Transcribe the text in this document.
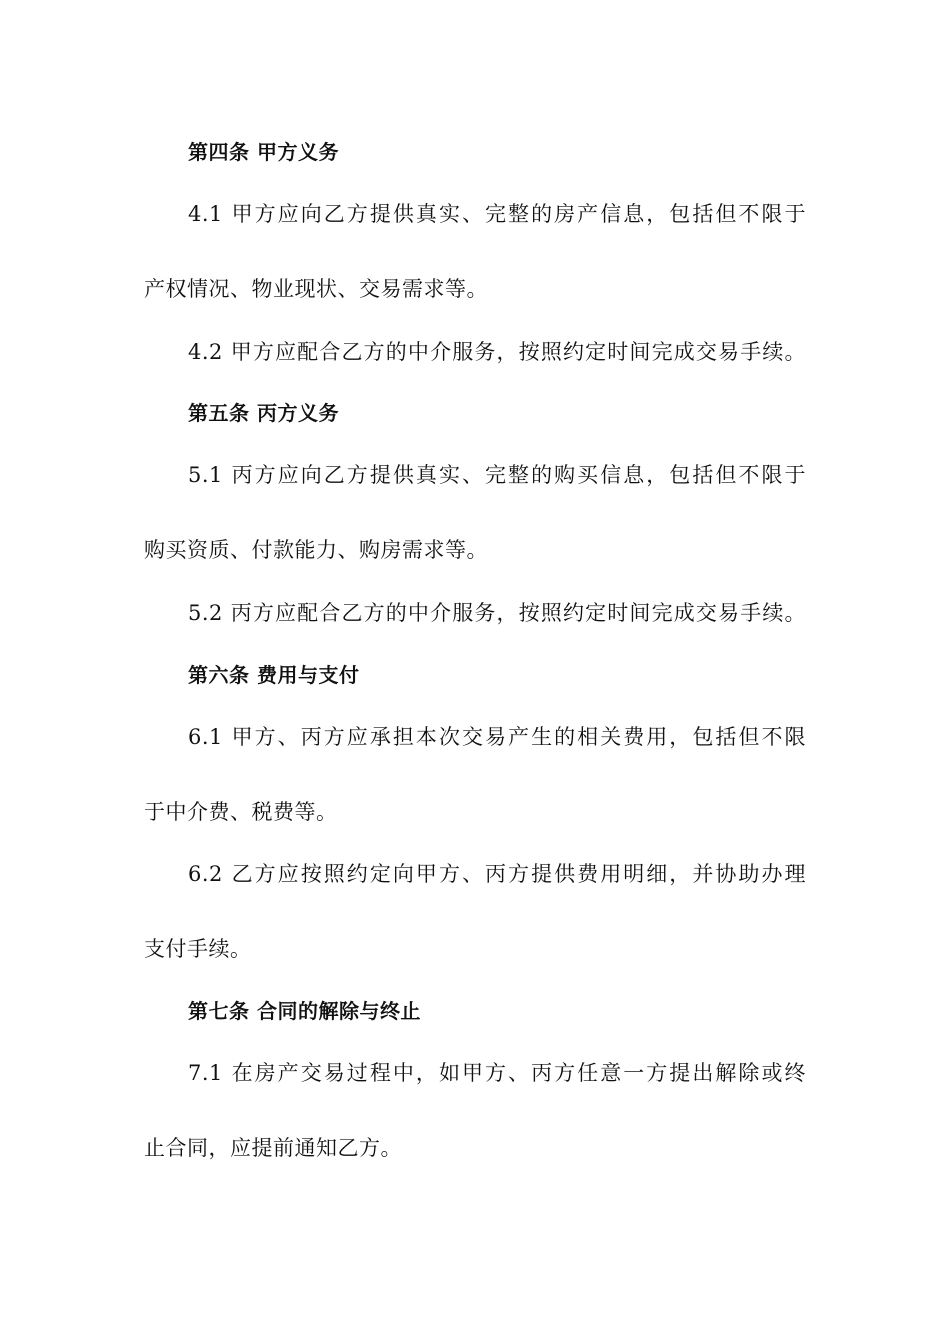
第四条 甲方义务
4.1 甲方应向乙方提供真实、完整的房产信息，包括但不限于
产权情况、物业现状、交易需求等。
4.2 甲方应配合乙方的中介服务，按照约定时间完成交易手续。
第五条 丙方义务
5.1 丙方应向乙方提供真实、完整的购买信息，包括但不限于
购买资质、付款能力、购房需求等。
5.2 丙方应配合乙方的中介服务，按照约定时间完成交易手续。
第六条 费用与支付
6.1 甲方、丙方应承担本次交易产生的相关费用，包括但不限
于中介费、税费等。
6.2 乙方应按照约定向甲方、丙方提供费用明细，并协助办理
支付手续。
第七条 合同的解除与终止
7.1 在房产交易过程中，如甲方、丙方任意一方提出解除或终
止合同，应提前通知乙方。
